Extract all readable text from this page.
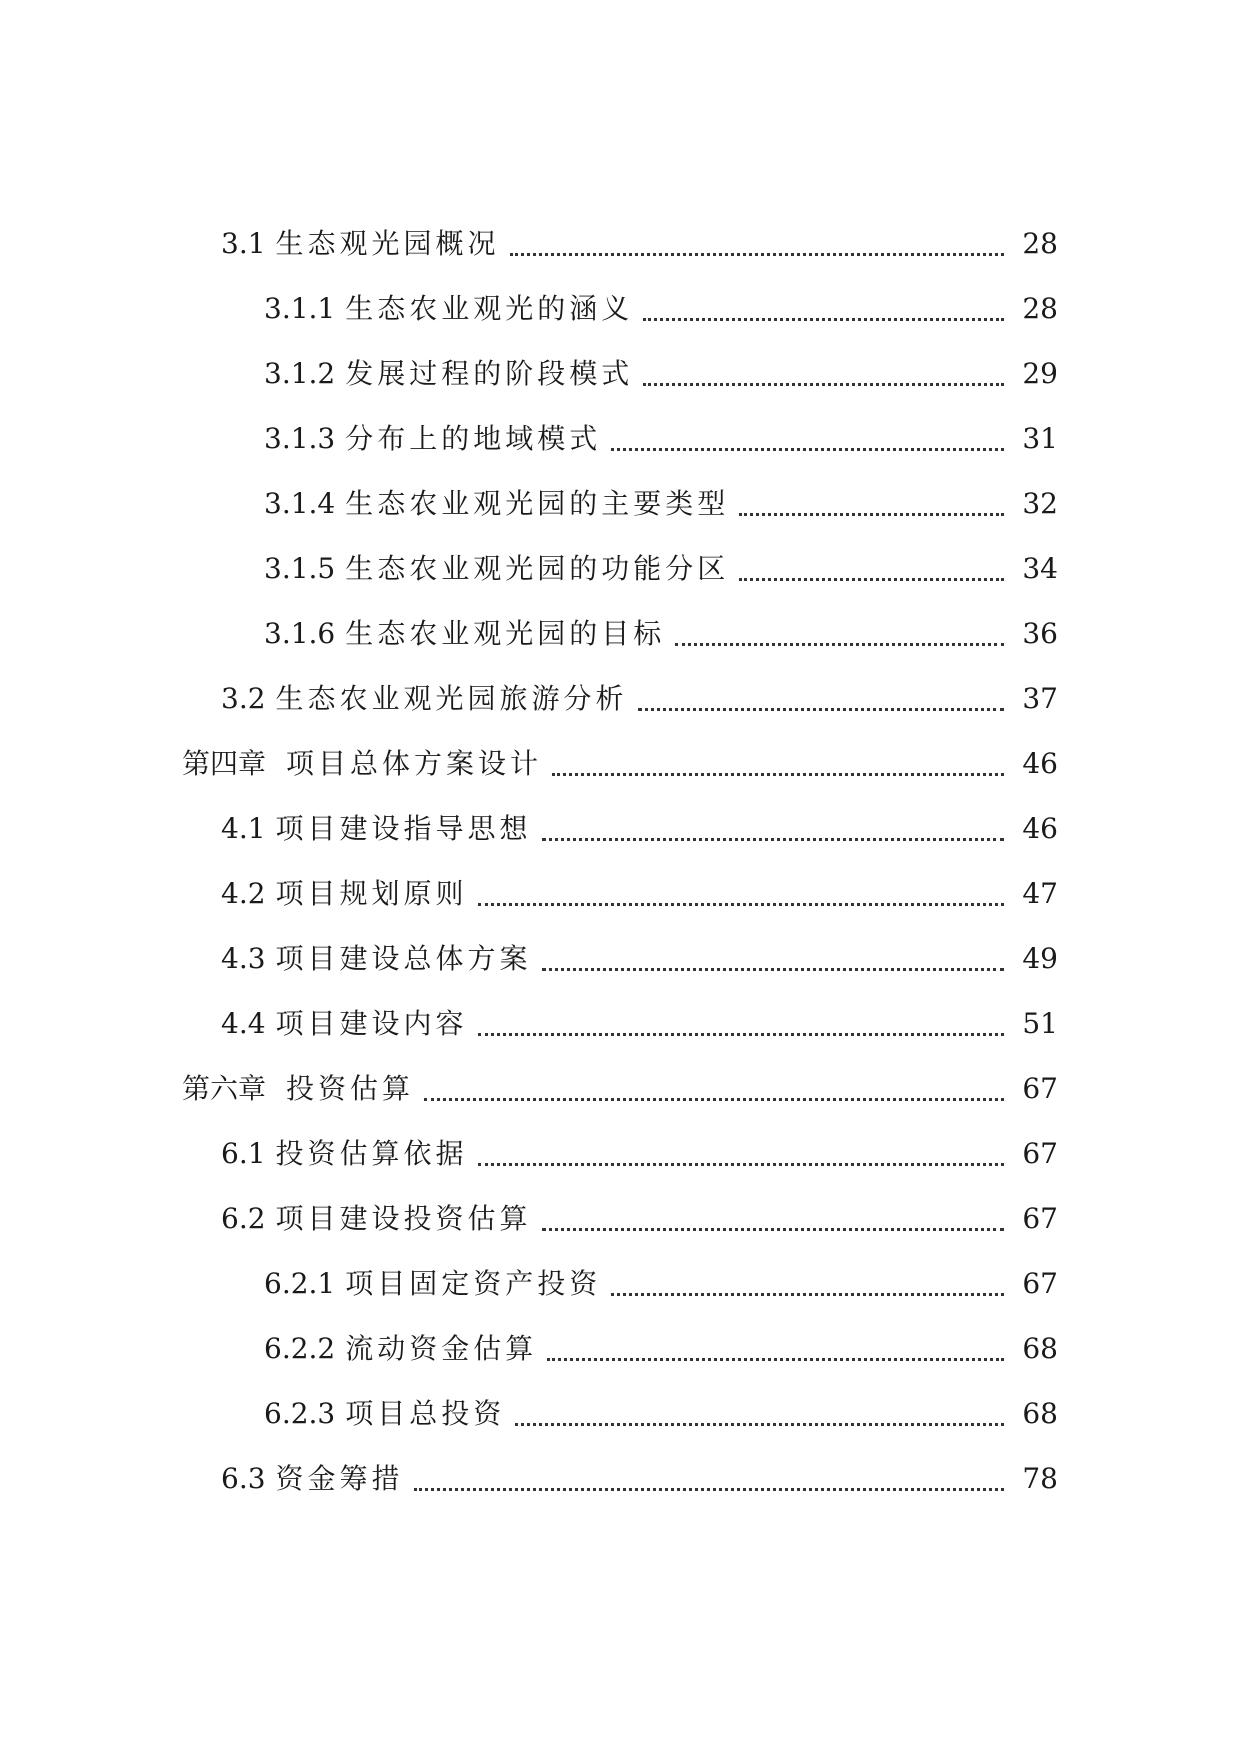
3.1 生态观光园概况	28
3.1.1 生态农业观光的涵义	28
3.1.2 发展过程的阶段模式	29
3.1.3 分布上的地域模式	31
3.1.4 生态农业观光园的主要类型	32
3.1.5 生态农业观光园的功能分区	34
3.1.6 生态农业观光园的目标	36
3.2 生态农业观光园旅游分析	37
第四章 项目总体方案设计	46
4.1 项目建设指导思想	46
4.2 项目规划原则	47
4.3 项目建设总体方案	49
4.4 项目建设内容	51
第六章 投资估算	67
6.1 投资估算依据	67
6.2 项目建设投资估算	67
6.2.1 项目固定资产投资	67
6.2.2 流动资金估算	68
6.2.3 项目总投资	68
6.3 资金筹措	78
